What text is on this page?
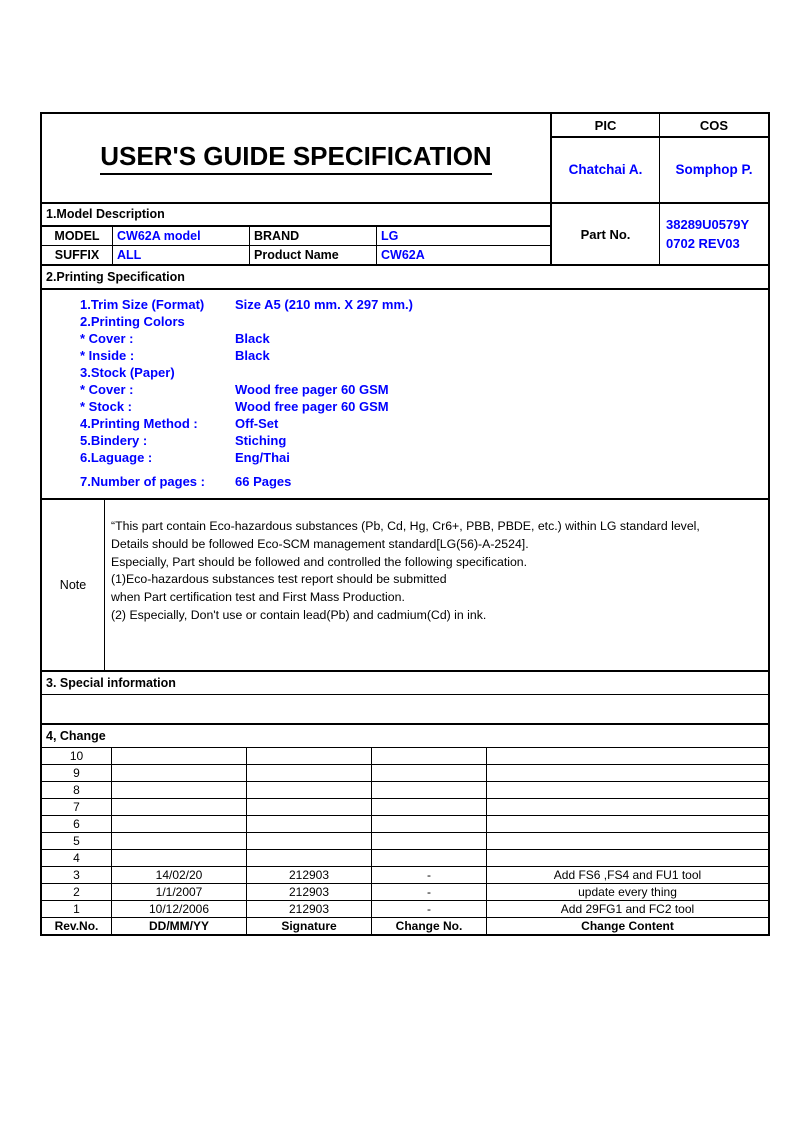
USER'S GUIDE SPECIFICATION
PIC	COS
Chatchai A.	Somphop P.
1.Model Description
MODEL	CW62A model	BRAND	LG
SUFFIX	ALL	Product Name	CW62A
Part No.
38289U0579Y
0702 REV03
2.Printing Specification
1.Trim Size (Format)	Size A5 (210 mm. X 297 mm.)
2.Printing Colors
* Cover :	Black
* Inside :	Black
3.Stock (Paper)
* Cover :	Wood free pager 60 GSM
* Stock :	Wood free pager 60 GSM
4.Printing Method :	Off-Set
5.Bindery :	Stiching
6.Laguage :	Eng/Thai
7.Number of pages :	66 Pages
Note
“This part contain Eco-hazardous substances (Pb, Cd, Hg, Cr6+, PBB, PBDE, etc.) within LG standard level,
Details should be followed Eco-SCM management standard[LG(56)-A-2524].
Especially, Part should be followed and controlled the following specification.
(1)Eco-hazardous substances test report should be submitted
when Part certification test and First Mass Production.
(2) Especially, Don't use or contain lead(Pb) and cadmium(Cd) in ink.
3. Special information
4, Change
10				
9				
8				
7				
6				
5				
4				
3	14/02/20	212903	-	Add FS6 ,FS4 and FU1 tool
2	1/1/2007	212903	-	update every thing
1	10/12/2006	212903	-	Add 29FG1 and FC2 tool
Rev.No.	DD/MM/YY	Signature	Change No.	Change Content
